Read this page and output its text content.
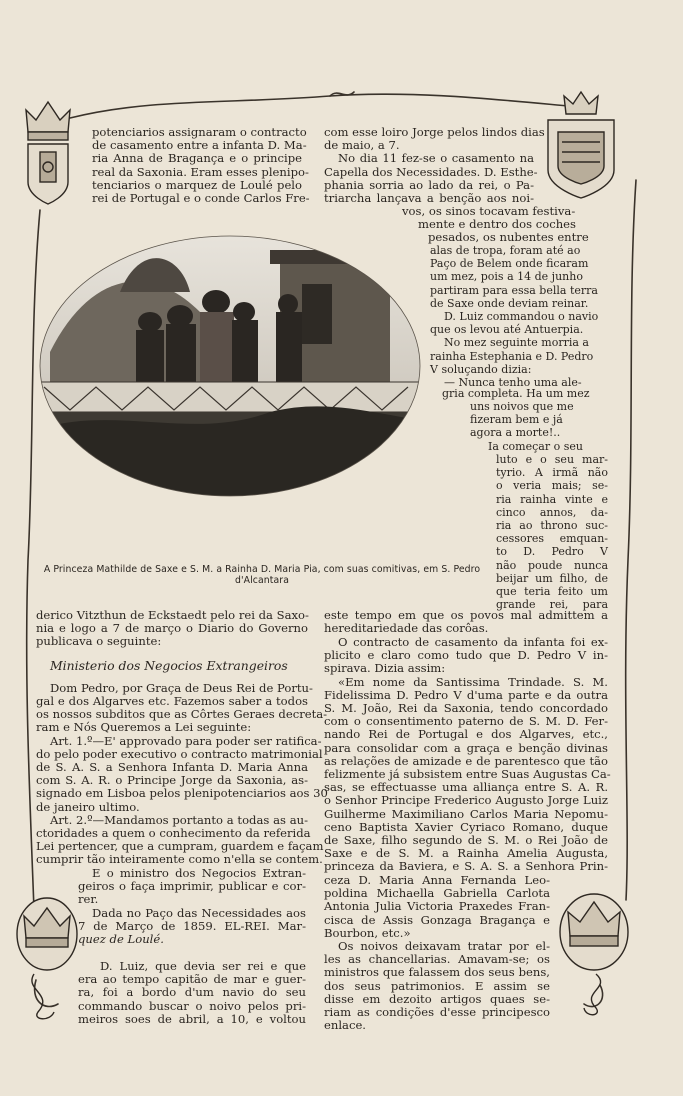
potenciarios assignaram o contracto
de casamento entre a infanta D. Ma-
ria Anna de Bragança e o principe
real da Saxonia. Eram esses plenipo-
tenciarios o marquez de Loulé pelo
rei de Portugal e o conde Carlos Fre-
com esse loiro Jorge pelos lindos dias
de maio, a 7.
No dia 11 fez-se o casamento na
Capella dos Necessidades. D. Esthe-
phania sorria ao lado da rei, o Pa-
triarcha lançava a benção aos noi-
vos, os sinos tocavam festiva-
mente e dentro dos coches
pesados, os nubentes entre
alas de tropa, foram até ao
Paço de Belem onde ficaram
um mez, pois a 14 de junho
partiram para essa bella terra
de Saxe onde deviam reinar.
D. Luiz commandou o navio
que os levou até Antuerpia.
No mez seguinte morria a
rainha Estephania e D. Pedro
V soluçando dizia:
— Nunca tenho uma ale-
gria completa. Ha um mez
uns noivos que me
fizeram bem e já
agora a morte!..
Ia começar o seu
luto e o seu mar-
tyrio. A irmã não
o veria mais; se-
ria rainha vinte e
cinco annos, da-
ria ao throno suc-
cessores emquan-
to D. Pedro V
não poude nunca
beijar um filho, de
que teria feito um
grande rei, para
este tempo em que os povos mal admittem a
hereditariedade das corôas.
A Princeza Mathilde de Saxe e S. M. a Rainha D. Maria Pia, com suas comitivas, em S. Pedro d'Alcantara
derico Vitzthun de Eckstaedt pelo rei da Saxo-
nia e logo a 7 de março o Diario do Governo
publicava o seguinte:

Ministerio dos Negocios Extrangeiros

Dom Pedro, por Graça de Deus Rei de Portu-
gal e dos Algarves etc. Fazemos saber a todos
os nossos subditos que as Côrtes Geraes decreta-
ram e Nós Queremos a Lei seguinte:
Art. 1.º—E' approvado para poder ser ratifica-
do pelo poder executivo o contracto matrimonial
de S. A. S. a Senhora Infanta D. Maria Anna
com S. A. R. o Principe Jorge da Saxonia, as-
signado em Lisboa pelos plenipotenciarios aos 30
de janeiro ultimo.
Art. 2.º—Mandamos portanto a todas as au-
ctoridades a quem o conhecimento da referida
Lei pertencer, que a cumpram, guardem e façam
cumprir tão inteiramente como n'ella se contem.
E o ministro dos Negocios Extran-
geiros o faça imprimir, publicar e cor-
rer.
Dada no Paço das Necessidades aos
7 de Março de 1859. EL-REI. Mar-
quez de Loulé.
D. Luiz, que devia ser rei e que
era ao tempo capitão de mar e guer-
ra, foi a bordo d'um navio do seu
commando buscar o noivo pelos pri-
meiros soes de abril, a 10, e voltou
O contracto de casamento da infanta foi ex-
plicito e claro como tudo que D. Pedro V in-
spirava. Dizia assim:
«Em nome da Santissima Trindade. S. M.
Fidelissima D. Pedro V d'uma parte e da outra
S. M. João, Rei da Saxonia, tendo concordado
com o consentimento paterno de S. M. D. Fer-
nando Rei de Portugal e dos Algarves, etc.,
para consolidar com a graça e benção divinas
as relações de amizade e de parentesco que tão
felizmente já subsistem entre Suas Augustas Ca-
sas, se effectuasse uma alliança entre S. A. R.
o Senhor Principe Frederico Augusto Jorge Luiz
Guilherme Maximiliano Carlos Maria Nepomu-
ceno Baptista Xavier Cyriaco Romano, duque
de Saxe, filho segundo de S. M. o Rei João de
Saxe e de S. M. a Rainha Amelia Augusta,
princeza da Baviera, e S. A. S. a Senhora Prin-
ceza D. Maria Anna Fernanda Leo-
poldina Michaella Gabriella Carlota
Antonia Julia Victoria Praxedes Fran-
cisca de Assis Gonzaga Bragança e
Bourbon, etc.»
Os noivos deixavam tratar por el-
les as chancellarias. Amavam-se; os
ministros que falassem dos seus bens,
dos seus patrimonios. E assim se
disse em dezoito artigos quaes se-
riam as condições d'esse principesco
enlace.
